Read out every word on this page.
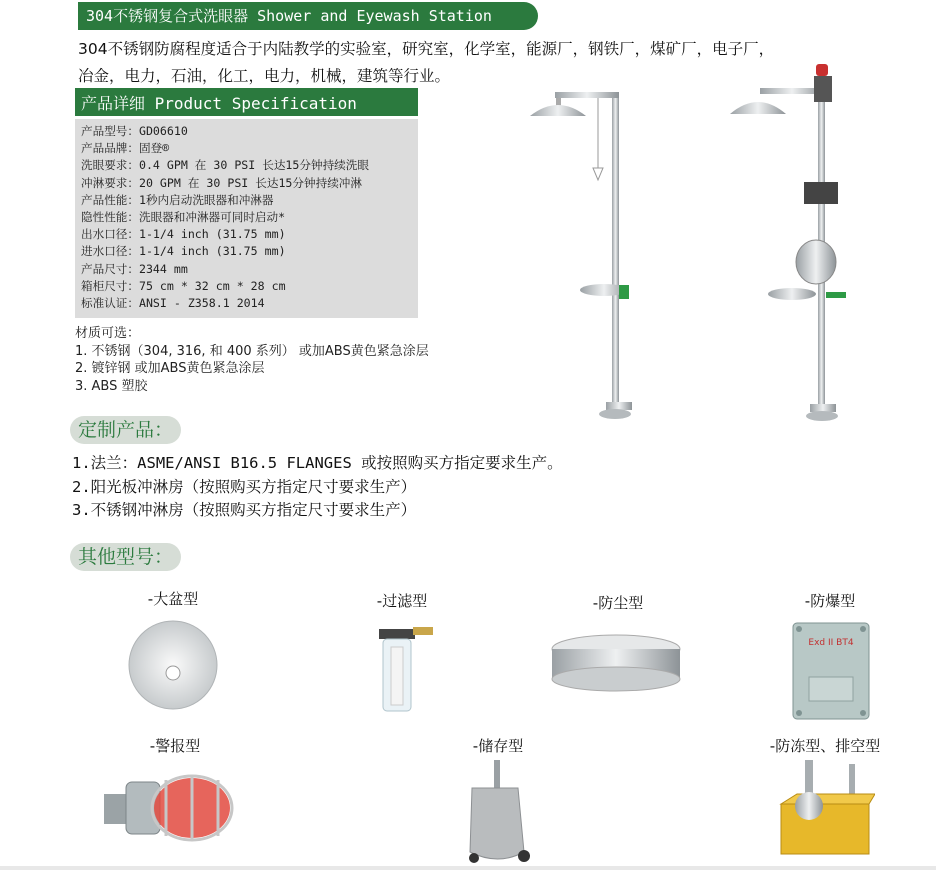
304不锈钢复合式洗眼器 Shower and Eyewash Station
304不锈钢防腐程度适合于内陆教学的实验室，研究室，化学室，能源厂，钢铁厂，煤矿厂，电子厂，
冶金，电力，石油，化工，电力，机械，建筑等行业。
产品详细 Product Specification
产品型号：GD06610
产品品牌：固登®
洗眼要求：0.4 GPM 在 30 PSI 长达15分钟持续洗眼
冲淋要求：20 GPM 在 30 PSI 长达15分钟持续冲淋
产品性能：1秒内启动洗眼器和冲淋器
隐性性能：洗眼器和冲淋器可同时启动*
出水口径：1-1/4 inch (31.75 mm)
进水口径：1-1/4 inch (31.75 mm)
产品尺寸：2344 mm
箱柜尺寸：75 cm * 32 cm * 28 cm
标准认证：ANSI - Z358.1 2014
材质可选：
1. 不锈钢（304, 316, 和 400 系列） 或加ABS黄色紧急涂层
2. 镀锌钢 或加ABS黄色紧急涂层
3. ABS 塑胶
定制产品：
1.法兰：ASME/ANSI B16.5 FLANGES 或按照购买方指定要求生产。
2.阳光板冲淋房（按照购买方指定尺寸要求生产）
3.不锈钢冲淋房（按照购买方指定尺寸要求生产）
其他型号：
-大盆型	-过滤型	-防尘型	-防爆型
Exd II BT4
-警报型	-储存型	-防冻型、排空型
